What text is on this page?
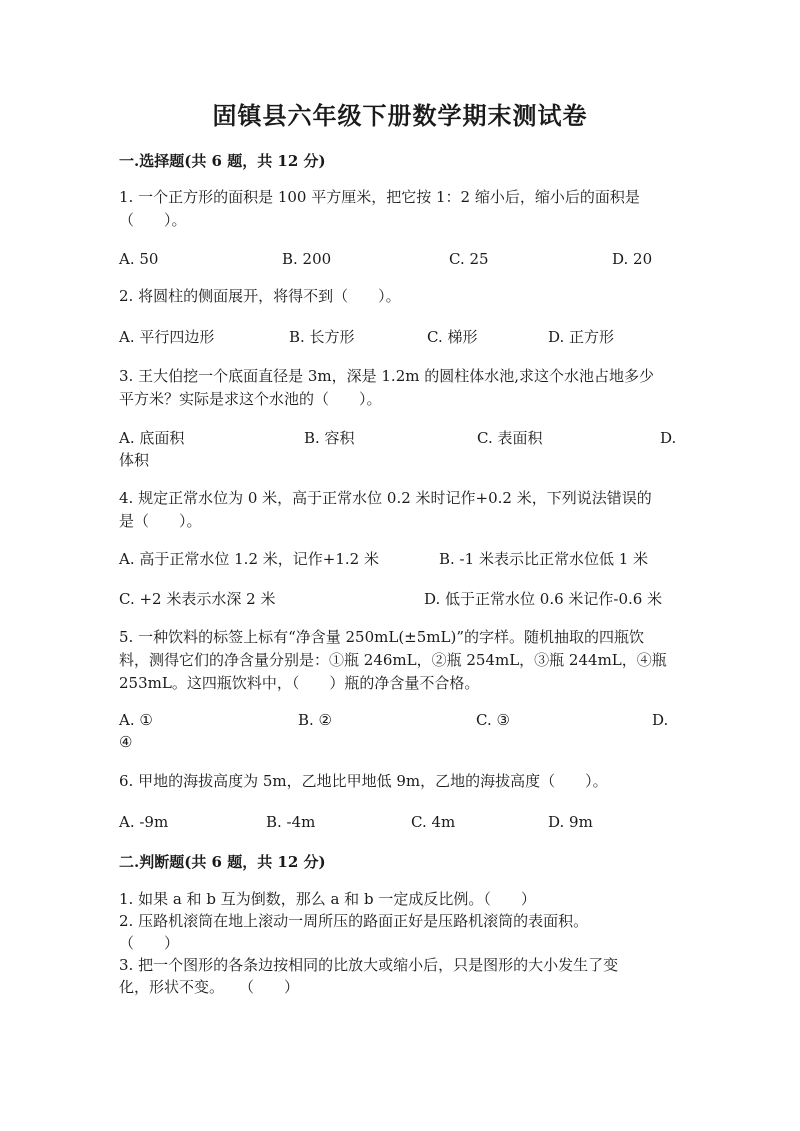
固镇县六年级下册数学期末测试卷
一.选择题(共 6 题，共 12 分)
1. 一个正方形的面积是 100 平方厘米，把它按 1：2 缩小后，缩小后的面积是
（　　）。
A. 50	B. 200	C. 25	D. 20
2. 将圆柱的侧面展开，将得不到（　　）。
A. 平行四边形	B. 长方形	C. 梯形	D. 正方形
3. 王大伯挖一个底面直径是 3m，深是 1.2m 的圆柱体水池,求这个水池占地多少
平方米？实际是求这个水池的（　　）。
A. 底面积	B. 容积	C. 表面积	D.
体积
4. 规定正常水位为 0 米，高于正常水位 0.2 米时记作+0.2 米，下列说法错误的
是（　　）。
A. 高于正常水位 1.2 米，记作+1.2 米	B. -1 米表示比正常水位低 1 米
C. +2 米表示水深 2 米	D. 低于正常水位 0.6 米记作-0.6 米
5. 一种饮料的标签上标有“净含量 250mL(±5mL)”的字样。随机抽取的四瓶饮
料，测得它们的净含量分别是：①瓶 246mL，②瓶 254mL，③瓶 244mL，④瓶
253mL。这四瓶饮料中，（　　）瓶的净含量不合格。
A. ①	B. ②	C. ③	D.
④
6. 甲地的海拔高度为 5m，乙地比甲地低 9m，乙地的海拔高度（　　）。
A. -9m	B. -4m	C. 4m	D. 9m
二.判断题(共 6 题，共 12 分)
1. 如果 a 和 b 互为倒数，那么 a 和 b 一定成反比例。（　　）
2. 压路机滚筒在地上滚动一周所压的路面正好是压路机滚筒的表面积。
（　　）
3. 把一个图形的各条边按相同的比放大或缩小后，只是图形的大小发生了变
化，形状不变。　　（　　）
